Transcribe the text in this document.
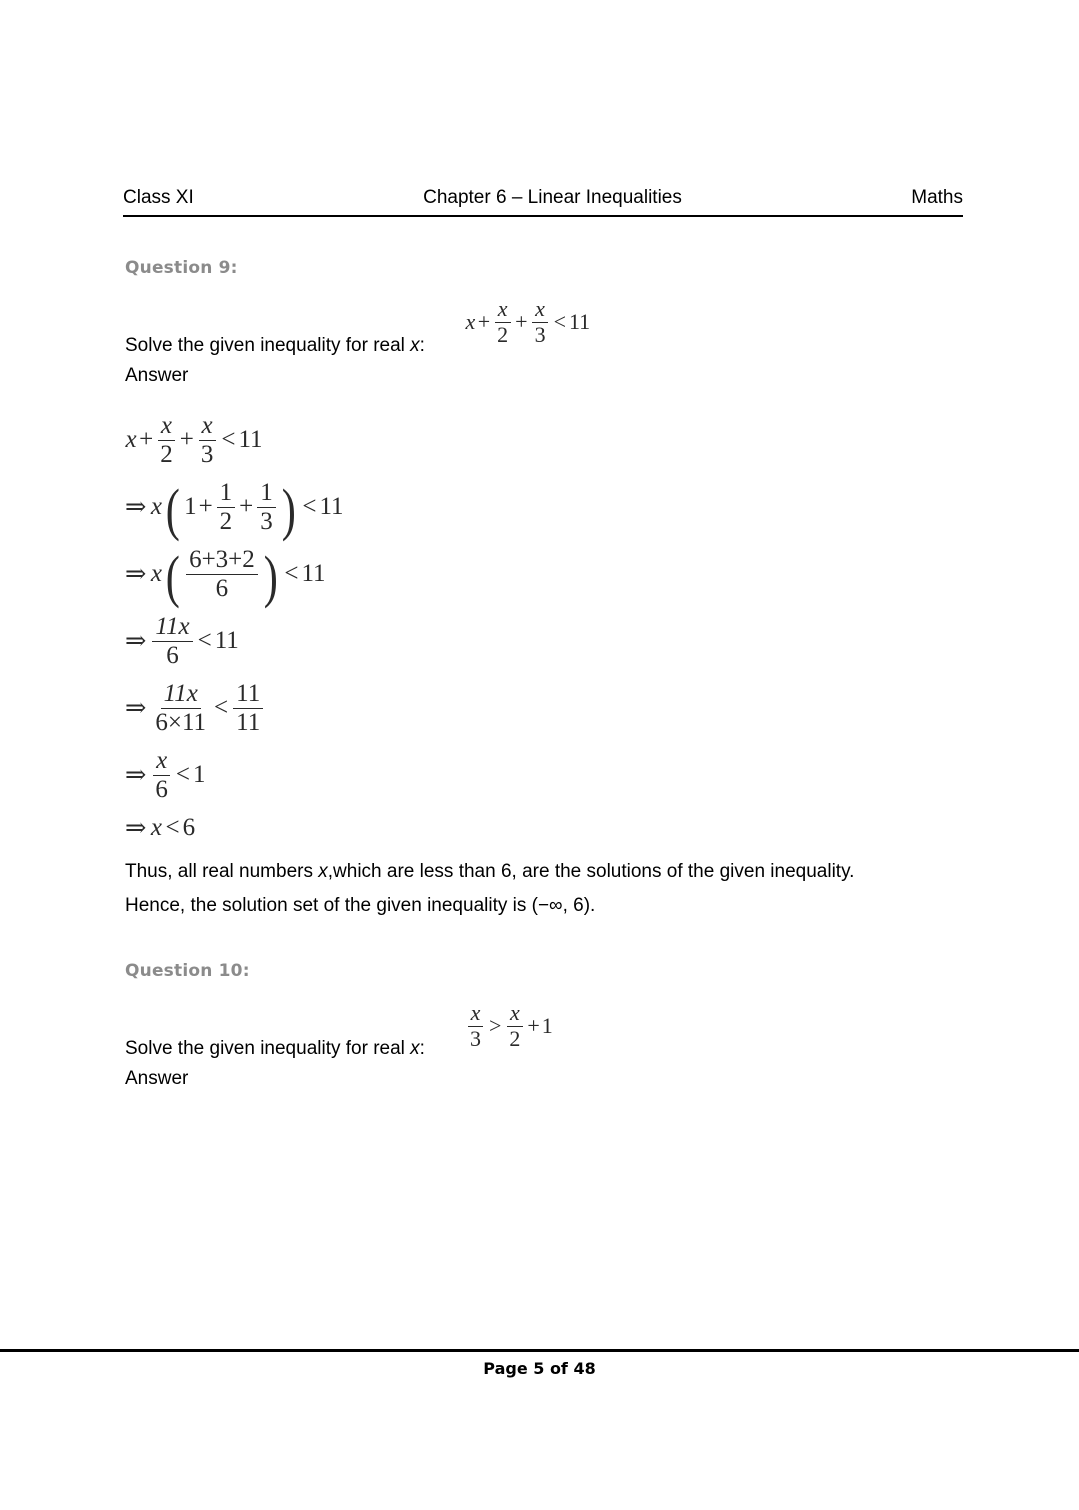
Class XI	Chapter 6 – Linear Inequalities	Maths
Question 9:
Solve the given inequality for real x:
$x + \frac{x}{2} + \frac{x}{3} < 11$
Answer
$x + \frac{x}{2} + \frac{x}{3} < 11$
⇒ x ( $1 + \frac{1}{2} + \frac{1}{3}$ ) < 11
⇒ x ( $\frac{6+3+2}{6}$ ) < 11
⇒ $\frac{11x}{6} < 11$
⇒ $\frac{11x}{6\times 11} < \frac{11}{11}$
⇒ $\frac{x}{6} < 1$
⇒ x < 6

Thus, all real numbers x,which are less than 6, are the solutions of the given inequality.

Hence, the solution set of the given inequality is (−∞, 6).

Question 10:
Solve the given inequality for real x: $\frac{x}{3} > \frac{x}{2} + 1$
Answer
Page 5 of 48
